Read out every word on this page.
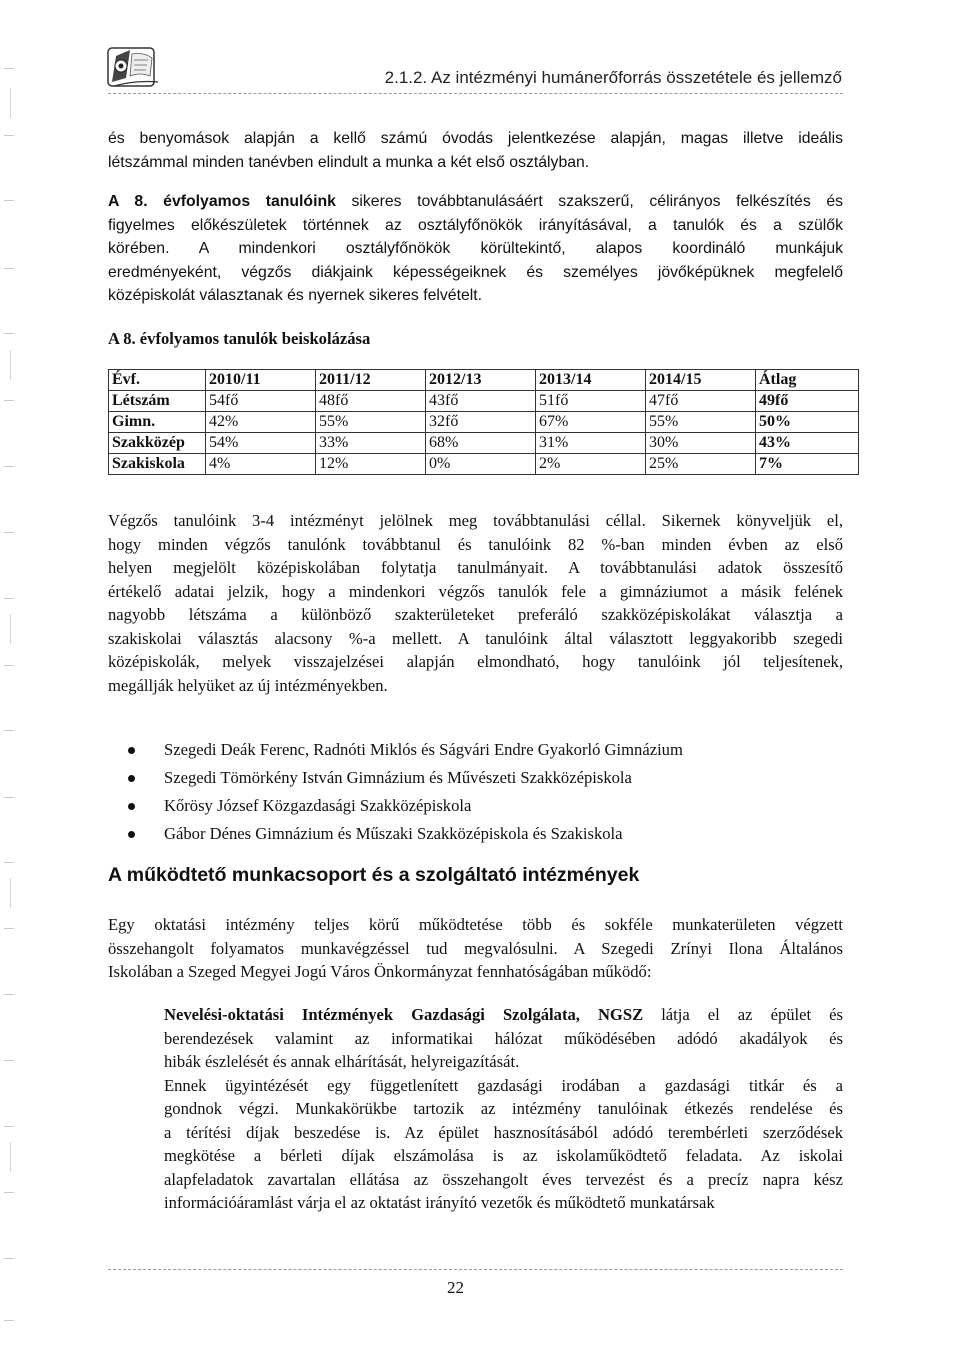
2.1.2. Az intézményi humánerőforrás összetétele és jellemző
és benyomások alapján a kellő számú óvodás jelentkezése alapján, magas illetve ideális
létszámmal minden tanévben elindult a munka a két első osztályban.
A 8. évfolyamos tanulóink sikeres továbbtanulásáért szakszerű, célirányos felkészítés és
figyelmes előkészületek történnek az osztályfőnökök irányításával, a tanulók és a szülők
körében. A mindenkori osztályfőnökök körültekintő, alapos koordináló munkájuk
eredményeként, végzős diákjaink képességeiknek és személyes jövőképüknek megfelelő
középiskolát választanak és nyernek sikeres felvételt.
A 8. évfolyamos tanulók beiskolázása
Évf.	2010/11	2011/12	2012/13	2013/14	2014/15	Átlag
Létszám	54fő	48fő	43fő	51fő	47fő	49fő
Gimn.	42%	55%	32fő	67%	55%	50%
Szakközép	54%	33%	68%	31%	30%	43%
Szakiskola	4%	12%	0%	2%	25%	7%
Végzős tanulóink 3-4 intézményt jelölnek meg továbbtanulási céllal. Sikernek könyveljük el,
hogy minden végzős tanulónk továbbtanul és tanulóink 82 %-ban minden évben az első
helyen megjelölt középiskolában folytatja tanulmányait. A továbbtanulási adatok összesítő
értékelő adatai jelzik, hogy a mindenkori végzős tanulók fele a gimnáziumot a másik felének
nagyobb létszáma a különböző szakterületeket preferáló szakközépiskolákat választja a
szakiskolai választás alacsony %-a mellett. A tanulóink által választott leggyakoribb szegedi
középiskolák, melyek visszajelzései alapján elmondható, hogy tanulóink jól teljesítenek,
megállják helyüket az új intézményekben.
Szegedi Deák Ferenc, Radnóti Miklós és Ságvári Endre Gyakorló Gimnázium
Szegedi Tömörkény István Gimnázium és Művészeti Szakközépiskola
Kőrösy József Közgazdasági Szakközépiskola
Gábor Dénes Gimnázium és Műszaki Szakközépiskola és Szakiskola
A működtető munkacsoport és a szolgáltató intézmények
Egy oktatási intézmény teljes körű működtetése több és sokféle munkaterületen végzett
összehangolt folyamatos munkavégzéssel tud megvalósulni. A Szegedi Zrínyi Ilona Általános
Iskolában a Szeged Megyei Jogú Város Önkormányzat fennhatóságában működő:
Nevelési-oktatási Intézmények Gazdasági Szolgálata, NGSZ látja el az épület és
berendezések valamint az informatikai hálózat működésében adódó akadályok és
hibák észlelését és annak elhárítását, helyreigazítását.
Ennek ügyintézését egy függetlenített gazdasági irodában a gazdasági titkár és a
gondnok végzi. Munkakörükbe tartozik az intézmény tanulóinak étkezés rendelése és
a térítési díjak beszedése is. Az épület hasznosításából adódó terembérleti szerződések
megkötése a bérleti díjak elszámolása is az iskolaműködtető feladata. Az iskolai
alapfeladatok zavartalan ellátása az összehangolt éves tervezést és a precíz napra kész
információáramlást várja el az oktatást irányító vezetők és működtető munkatársak
22
